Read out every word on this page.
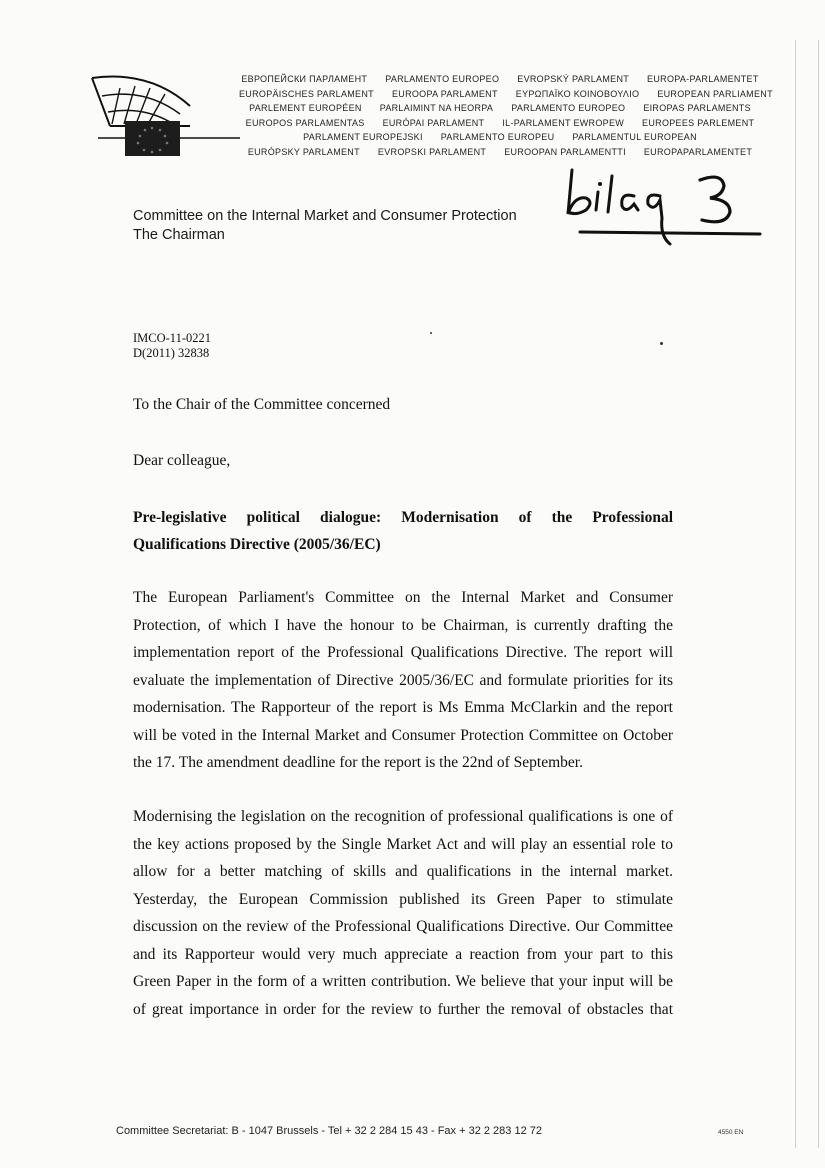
ЕВРОПЕЙСКИ ПАРЛАМЕНТ PARLAMENTO EUROPEO EVROPSKÝ PARLAMENT EUROPA-PARLAMENTET
EUROPÄISCHES PARLAMENT EUROOPA PARLAMENT ΕΥΡΩΠΑΪΚΟ ΚΟΙΝΟΒΟΥΛΙΟ EUROPEAN PARLIAMENT
PARLEMENT EUROPÉEN PARLAIMINT NA HEORPA PARLAMENTO EUROPEO EIROPAS PARLAMENTS
EUROPOS PARLAMENTAS EURÓPAI PARLAMENT IL-PARLAMENT EWROPEW EUROPEES PARLEMENT
PARLAMENT EUROPEJSKI PARLAMENTO EUROPEU PARLAMENTUL EUROPEAN
EURÓPSKY PARLAMENT EVROPSKI PARLAMENT EUROOPAN PARLAMENTTI EUROPAPARLAMENTET
Committee on the Internal Market and Consumer Protection
The Chairman
IMCO-11-0221
D(2011) 32838
To the Chair of the Committee concerned
Dear colleague,
Pre-legislative political dialogue: Modernisation of the Professional
Qualifications Directive (2005/36/EC)
The European Parliament's Committee on the Internal Market and Consumer
Protection, of which I have the honour to be Chairman, is currently drafting the
implementation report of the Professional Qualifications Directive. The report will
evaluate the implementation of Directive 2005/36/EC and formulate priorities for its
modernisation. The Rapporteur of the report is Ms Emma McClarkin and the report
will be voted in the Internal Market and Consumer Protection Committee on October
the 17. The amendment deadline for the report is the 22nd of September.
Modernising the legislation on the recognition of professional qualifications is one of
the key actions proposed by the Single Market Act and will play an essential role to
allow for a better matching of skills and qualifications in the internal market.
Yesterday, the European Commission published its Green Paper to stimulate
discussion on the review of the Professional Qualifications Directive. Our Committee
and its Rapporteur would very much appreciate a reaction from your part to this
Green Paper in the form of a written contribution. We believe that your input will be
of great importance in order for the review to further the removal of obstacles that
Committee Secretariat: B - 1047 Brussels - Tel + 32 2 284 15 43 - Fax + 32 2 283 12 72	4550 EN
